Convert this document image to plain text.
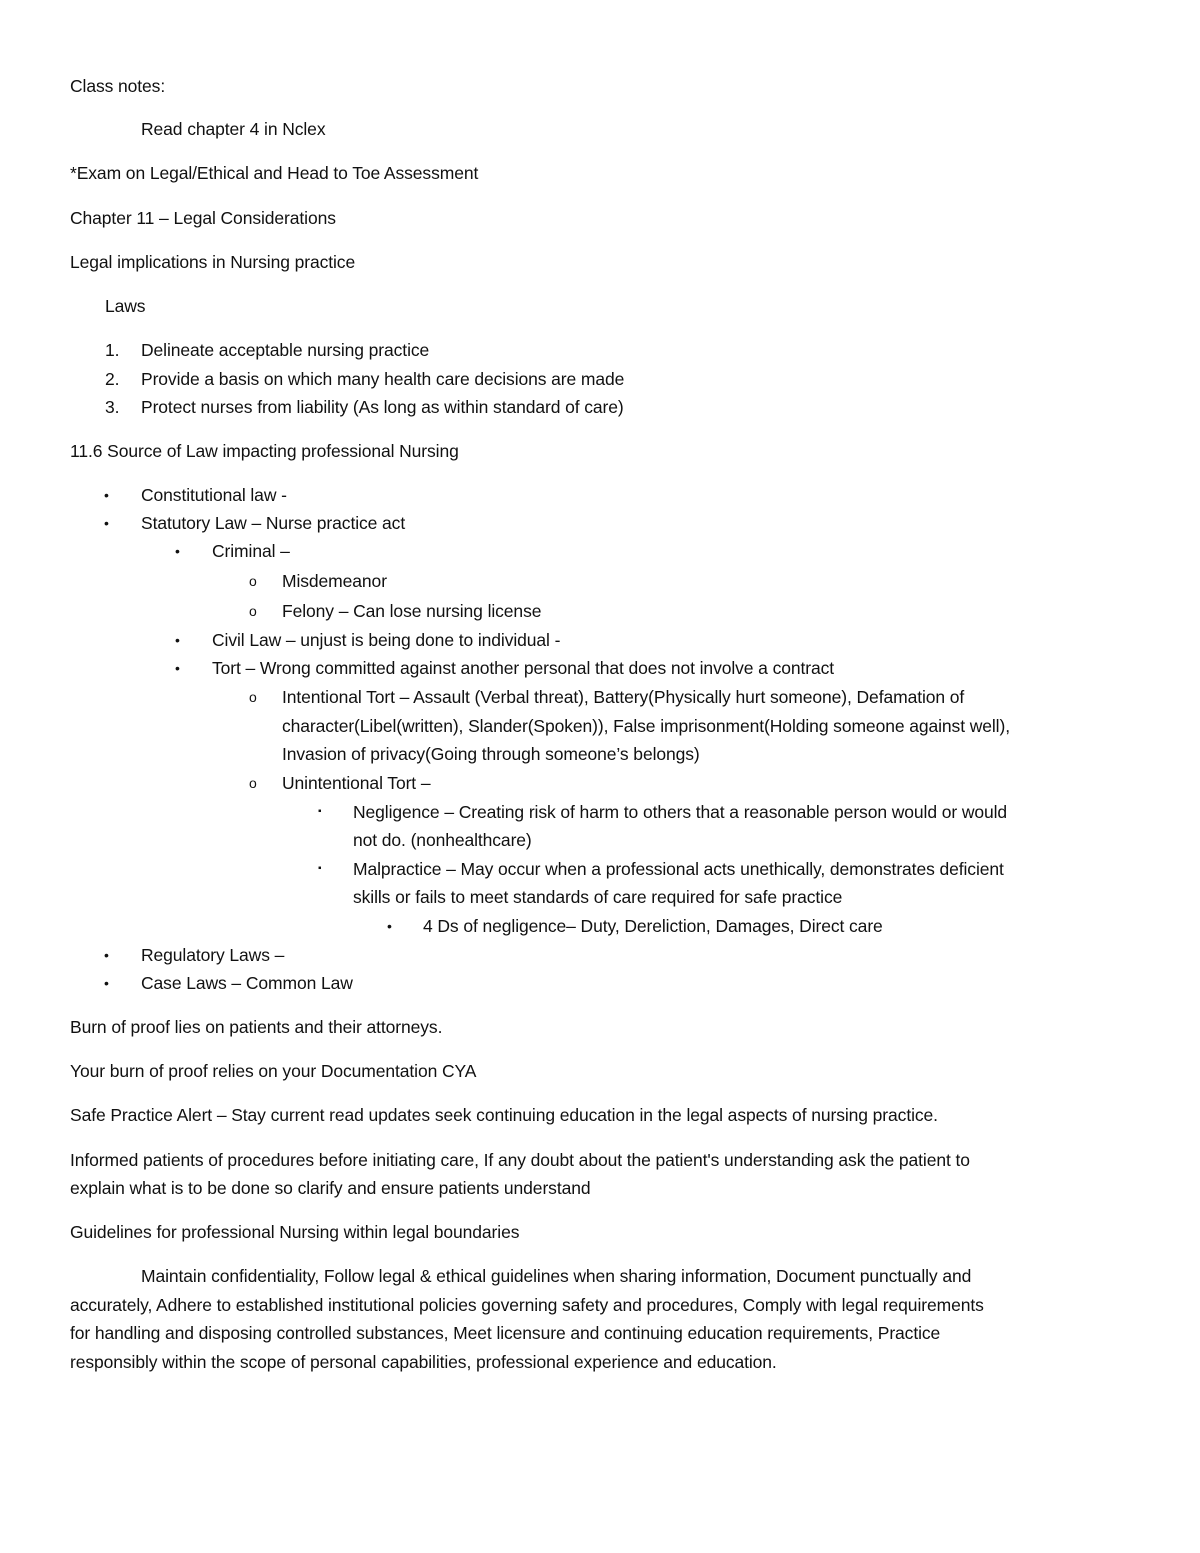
Class notes:
Read chapter 4 in Nclex
*Exam on Legal/Ethical and Head to Toe Assessment
Chapter 11 – Legal Considerations
Legal implications in Nursing practice
Laws
1. Delineate acceptable nursing practice
2. Provide a basis on which many health care decisions are made
3. Protect nurses from liability (As long as within standard of care)
11.6 Source of Law impacting professional Nursing
• Constitutional law -
• Statutory Law – Nurse practice act
• Criminal –
o Misdemeanor
o Felony – Can lose nursing license
• Civil Law – unjust is being done to individual -
• Tort – Wrong committed against another personal that does not involve a contract
o Intentional Tort – Assault (Verbal threat), Battery(Physically hurt someone), Defamation of
character(Libel(written), Slander(Spoken)), False imprisonment(Holding someone against well),
Invasion of privacy(Going through someone’s belongs)
o Unintentional Tort –
▪ Negligence – Creating risk of harm to others that a reasonable person would or would
not do. (nonhealthcare)
▪ Malpractice – May occur when a professional acts unethically, demonstrates deficient
skills or fails to meet standards of care required for safe practice
• 4 Ds of negligence– Duty, Dereliction, Damages, Direct care
• Regulatory Laws –
• Case Laws – Common Law
Burn of proof lies on patients and their attorneys.
Your burn of proof relies on your Documentation CYA
Safe Practice Alert – Stay current read updates seek continuing education in the legal aspects of nursing practice.
Informed patients of procedures before initiating care, If any doubt about the patient's understanding ask the patient to
explain what is to be done so clarify and ensure patients understand
Guidelines for professional Nursing within legal boundaries
Maintain confidentiality, Follow legal & ethical guidelines when sharing information, Document punctually and
accurately, Adhere to established institutional policies governing safety and procedures, Comply with legal requirements
for handling and disposing controlled substances, Meet licensure and continuing education requirements, Practice
responsibly within the scope of personal capabilities, professional experience and education.
